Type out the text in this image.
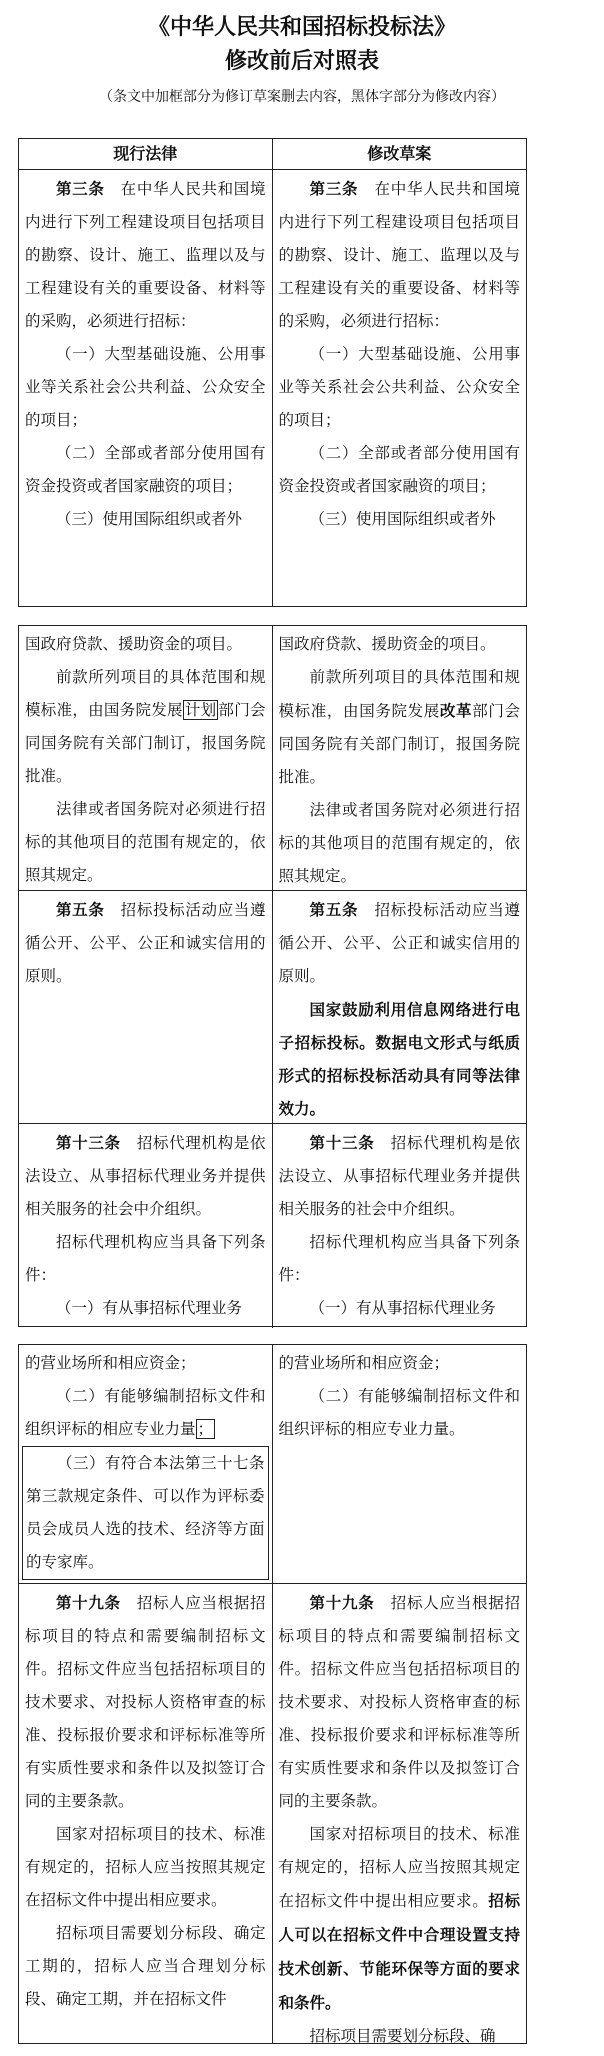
《中华人民共和国招标投标法》
修改前后对照表
（条文中加框部分为修订草案删去内容，黑体字部分为修改内容）
现行法律	修改草案

第三条　 在中华人民共和国境内进行下列工程建设项目包括项目的勘察、设计、施工、监理以及与工程建设有关的重要设备、材料等的采购，必须进行招标：

（一）大型基础设施、公用事业等关系社会公共利益、公众安全的项目；

（二）全部或者部分使用国有资金投资或者国家融资的项目；

（三）使用国际组织或者外

第三条　 在中华人民共和国境内进行下列工程建设项目包括项目的勘察、设计、施工、监理以及与工程建设有关的重要设备、材料等的采购，必须进行招标：

（一）大型基础设施、公用事业等关系社会公共利益、公众安全的项目；

（二）全部或者部分使用国有资金投资或者国家融资的项目；

（三）使用国际组织或者外

国政府贷款、援助资金的项目。

前款所列项目的具体范围和规模标准，由国务院发展 计划 部门会同国务院有关部门制订，报国务院批准。

法律或者国务院对必须进行招标的其他项目的范围有规定的，依照其规定。

国政府贷款、援助资金的项目。

前款所列项目的具体范围和规模标准，由国务院发展改革部门会同国务院有关部门制订，报国务院批准。

法律或者国务院对必须进行招标的其他项目的范围有规定的，依照其规定。

第五条　 招标投标活动应当遵循公开、公平、公正和诚实信用的原则。

第五条　 招标投标活动应当遵循公开、公平、公正和诚实信用的原则。

国家鼓励利用信息网络进行电子招标投标。数据电文形式与纸质形式的招标投标活动具有同等法律效力。

第十三条　 招标代理机构是依法设立、从事招标代理业务并提供相关服务的社会中介组织。

招标代理机构应当具备下列条件：

（一）有从事招标代理业务

第十三条　 招标代理机构是依法设立、从事招标代理业务并提供相关服务的社会中介组织。

招标代理机构应当具备下列条件：

（一）有从事招标代理业务

的营业场所和相应资金；

（二）有能够编制招标文件和组织评标的相应专业力量 ；

（三）有符合本法第三十七条第三款规定条件、可以作为评标委员会成员人选的技术、经济等方面的专家库。

的营业场所和相应资金；

（二）有能够编制招标文件和组织评标的相应专业力量。

第十九条　 招标人应当根据招标项目的特点和需要编制招标文件。招标文件应当包括招标项目的技术要求、对投标人资格审查的标准、投标报价要求和评标标准等所有实质性要求和条件以及拟签订合同的主要条款。

国家对招标项目的技术、标准有规定的，招标人应当按照其规定在招标文件中提出相应要求。

招标项目需要划分标段、确定工期的，招标人应当合理划分标段、确定工期，并在招标文件

第十九条　 招标人应当根据招标项目的特点和需要编制招标文件。招标文件应当包括招标项目的技术要求、对投标人资格审查的标准、投标报价要求和评标标准等所有实质性要求和条件以及拟签订合同的主要条款。

国家对招标项目的技术、标准有规定的，招标人应当按照其规定在招标文件中提出相应要求。招标人可以在招标文件中合理设置支持技术创新、节能环保等方面的要求和条件。

招标项目需要划分标段、确
